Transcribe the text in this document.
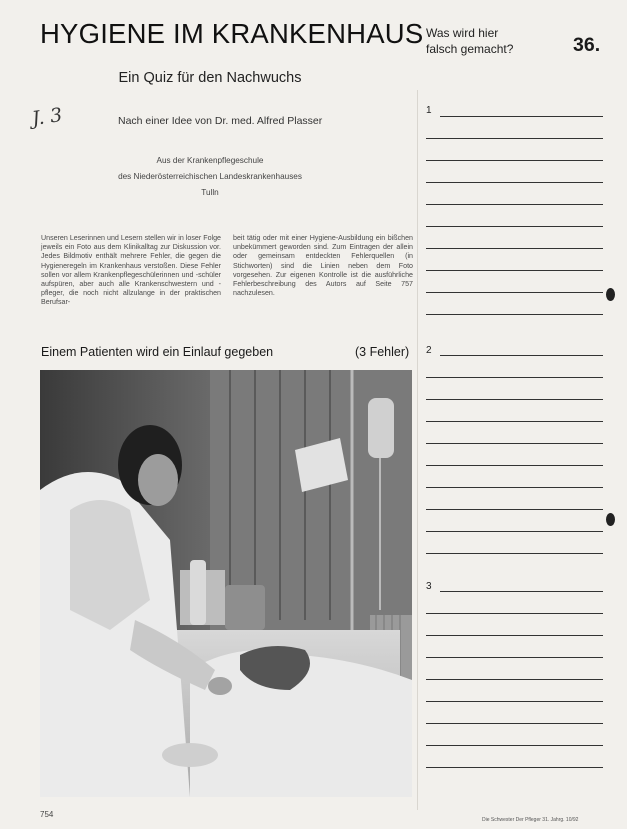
HYGIENE IM KRANKENHAUS
Ein Quiz für den Nachwuchs
J. 3	Nach einer Idee von Dr. med. Alfred Plasser
Aus der Krankenpflegeschule
des Niederösterreichischen Landeskrankenhauses
Tulln
Unseren Leserinnen und Lesern stellen wir in loser Folge jeweils ein Foto aus dem Klinikalltag zur Diskussion vor. Jedes Bildmotiv enthält mehrere Fehler, die gegen die Hygieneregeln im Krankenhaus verstoßen. Diese Fehler sollen vor allem Krankenpflegeschülerinnen und -schüler aufspüren, aber auch alle Krankenschwestern und -pfleger, die noch nicht allzulange in der praktischen Berufsar-
beit tätig oder mit einer Hygiene-Ausbildung ein bißchen unbekümmert geworden sind. Zum Eintragen der allein oder gemeinsam entdeckten Fehlerquellen (in Stichworten) sind die Linien neben dem Foto vorgesehen. Zur eigenen Kontrolle ist die ausführliche Fehlerbeschreibung des Autors auf Seite 757 nachzulesen.
Einem Patienten wird ein Einlauf gegeben	(3 Fehler)
Was wird hier
falsch gemacht?	36.
1
2
3
754
Die Schwester Der Pfleger 31. Jahrg. 10/92
